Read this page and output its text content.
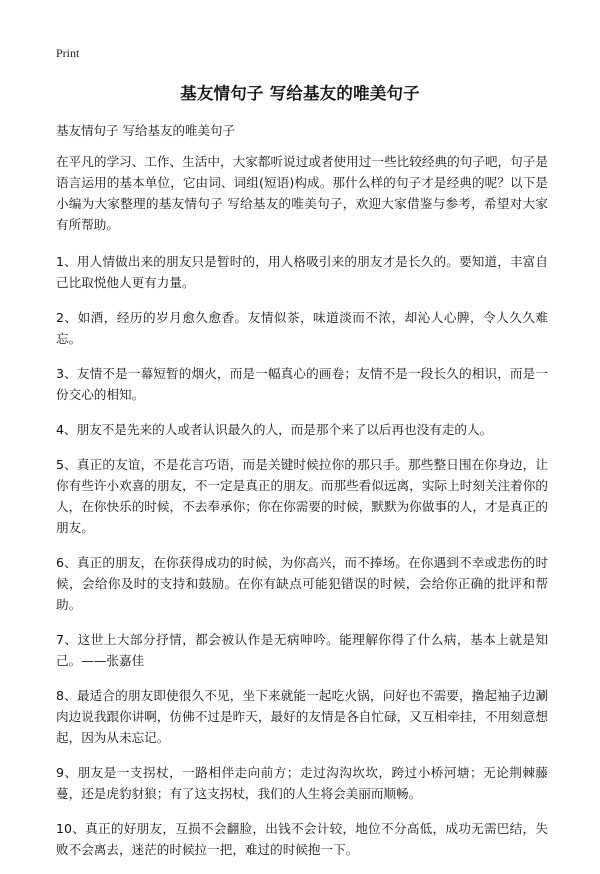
Print
基友情句子 写给基友的唯美句子

基友情句子 写给基友的唯美句子

在平凡的学习、工作、生活中，大家都听说过或者使用过一些比较经典的句子吧，句子是语言运用的基本单位，它由词、词组(短语)构成。那什么样的句子才是经典的呢？以下是小编为大家整理的基友情句子 写给基友的唯美句子，欢迎大家借鉴与参考，希望对大家有所帮助。

1、用人情做出来的朋友只是暂时的，用人格吸引来的朋友才是长久的。要知道，丰富自己比取悦他人更有力量。

2、如酒，经历的岁月愈久愈香。友情似茶，味道淡而不浓，却沁人心脾，令人久久难忘。

3、友情不是一幕短暂的烟火，而是一幅真心的画卷；友情不是一段长久的相识，而是一份交心的相知。

4、朋友不是先来的人或者认识最久的人，而是那个来了以后再也没有走的人。

5、真正的友谊，不是花言巧语，而是关键时候拉你的那只手。那些整日围在你身边，让你有些许小欢喜的朋友，不一定是真正的朋友。而那些看似远离，实际上时刻关注着你的人，在你快乐的时候，不去奉承你；你在你需要的时候，默默为你做事的人，才是真正的朋友。

6、真正的朋友，在你获得成功的时候，为你高兴，而不捧场。在你遇到不幸或悲伤的时候，会给你及时的支持和鼓励。在你有缺点可能犯错误的时候，会给你正确的批评和帮助。

7、这世上大部分抒情，都会被认作是无病呻吟。能理解你得了什么病，基本上就是知己。——张嘉佳

8、最适合的朋友即使很久不见，坐下来就能一起吃火锅，问好也不需要，撸起袖子边涮肉边说我跟你讲啊，仿佛不过是昨天，最好的友情是各自忙碌，又互相牵挂，不用刻意想起，因为从未忘记。

9、朋友是一支拐杖，一路相伴走向前方；走过沟沟坎坎，跨过小桥河塘；无论荆棘藤蔓，还是虎豹豺狼；有了这支拐杖，我们的人生将会美丽而顺畅。

10、真正的好朋友，互损不会翻脸，出钱不会计较，地位不分高低，成功无需巴结，失败不会离去，迷茫的时候拉一把，难过的时候抱一下。
